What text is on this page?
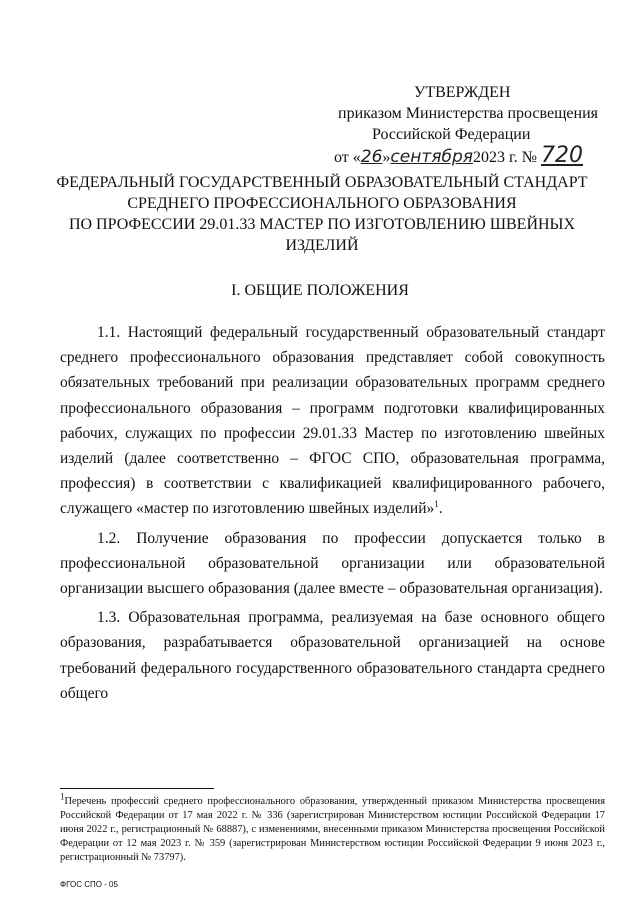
УТВЕРЖДЕН
приказом Министерства просвещения
Российской Федерации
от «26»сентября2023 г. № 720
ФЕДЕРАЛЬНЫЙ ГОСУДАРСТВЕННЫЙ ОБРАЗОВАТЕЛЬНЫЙ СТАНДАРТ
СРЕДНЕГО ПРОФЕССИОНАЛЬНОГО ОБРАЗОВАНИЯ
ПО ПРОФЕССИИ 29.01.33 МАСТЕР ПО ИЗГОТОВЛЕНИЮ ШВЕЙНЫХ
ИЗДЕЛИЙ
I. ОБЩИЕ ПОЛОЖЕНИЯ

1.1. Настоящий федеральный государственный образовательный стандарт среднего профессионального образования представляет собой совокупность обязательных требований при реализации образовательных программ среднего профессионального образования – программ подготовки квалифицированных рабочих, служащих по профессии 29.01.33 Мастер по изготовлению швейных изделий (далее соответственно – ФГОС СПО, образовательная программа, профессия) в соответствии с квалификацией квалифицированного рабочего, служащего «мастер по изготовлению швейных изделий»$^1$.

1.2. Получение образования по профессии допускается только в профессиональной образовательной организации или образовательной организации высшего образования (далее вместе – образовательная организация).

1.3. Образовательная программа, реализуемая на базе основного общего образования, разрабатывается образовательной организацией на основе требований федерального государственного образовательного стандарта среднего общего

$^1$Перечень профессий среднего профессионального образования, утвержденный приказом Министерства просвещения Российской Федерации от 17 мая 2022 г. № 336 (зарегистрирован Министерством юстиции Российской Федерации 17 июня 2022 г., регистрационный № 68887), с изменениями, внесенными приказом Министерства просвещения Российской Федерации от 12 мая 2023 г. № 359 (зарегистрирован Министерством юстиции Российской Федерации 9 июня 2023 г., регистрационный № 73797).
ФГОС СПО - 05
